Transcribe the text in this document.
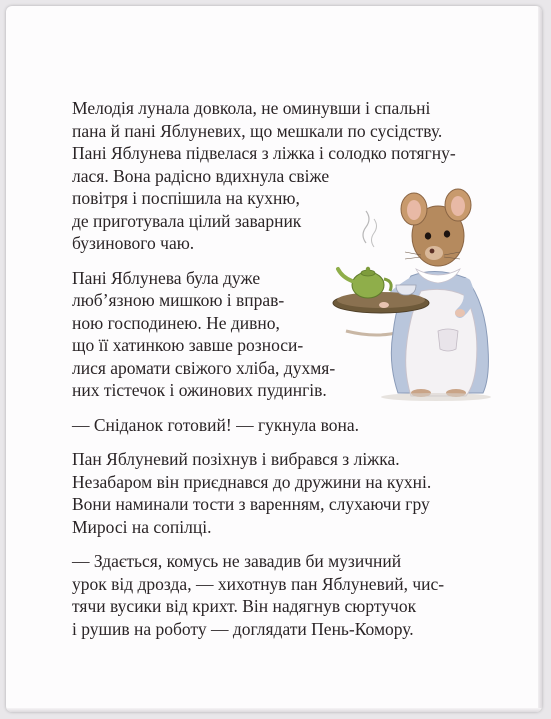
Мелодія лунала довкола, не оминувши і спальні
пана й пані Яблуневих, що мешкали по сусідству.
Пані Яблунева підвелася з ліжка і солодко потягну-
лася. Вона радісно вдихнула свіже
повітря і поспішила на кухню,
де приготувала цілий заварник
бузинового чаю.
Пані Яблунева була дуже
люб’язною мишкою і вправ-
ною господинею. Не дивно,
що її хатинкою завше розноси-
лися аромати свіжого хліба, духмя-
них тістечок і ожинових пудингів.
— Сніданок готовий! — гукнула вона.
Пан Яблуневий позіхнув і вибрався з ліжка.
Незабаром він приєднався до дружини на кухні.
Вони наминали тости з варенням, слухаючи гру
Миросі на сопілці.
— Здається, комусь не завадив би музичний
урок від дрозда, — хихотнув пан Яблуневий, чис-
тячи вусики від крихт. Він надягнув сюртучок
і рушив на роботу — доглядати Пень-Комору.
